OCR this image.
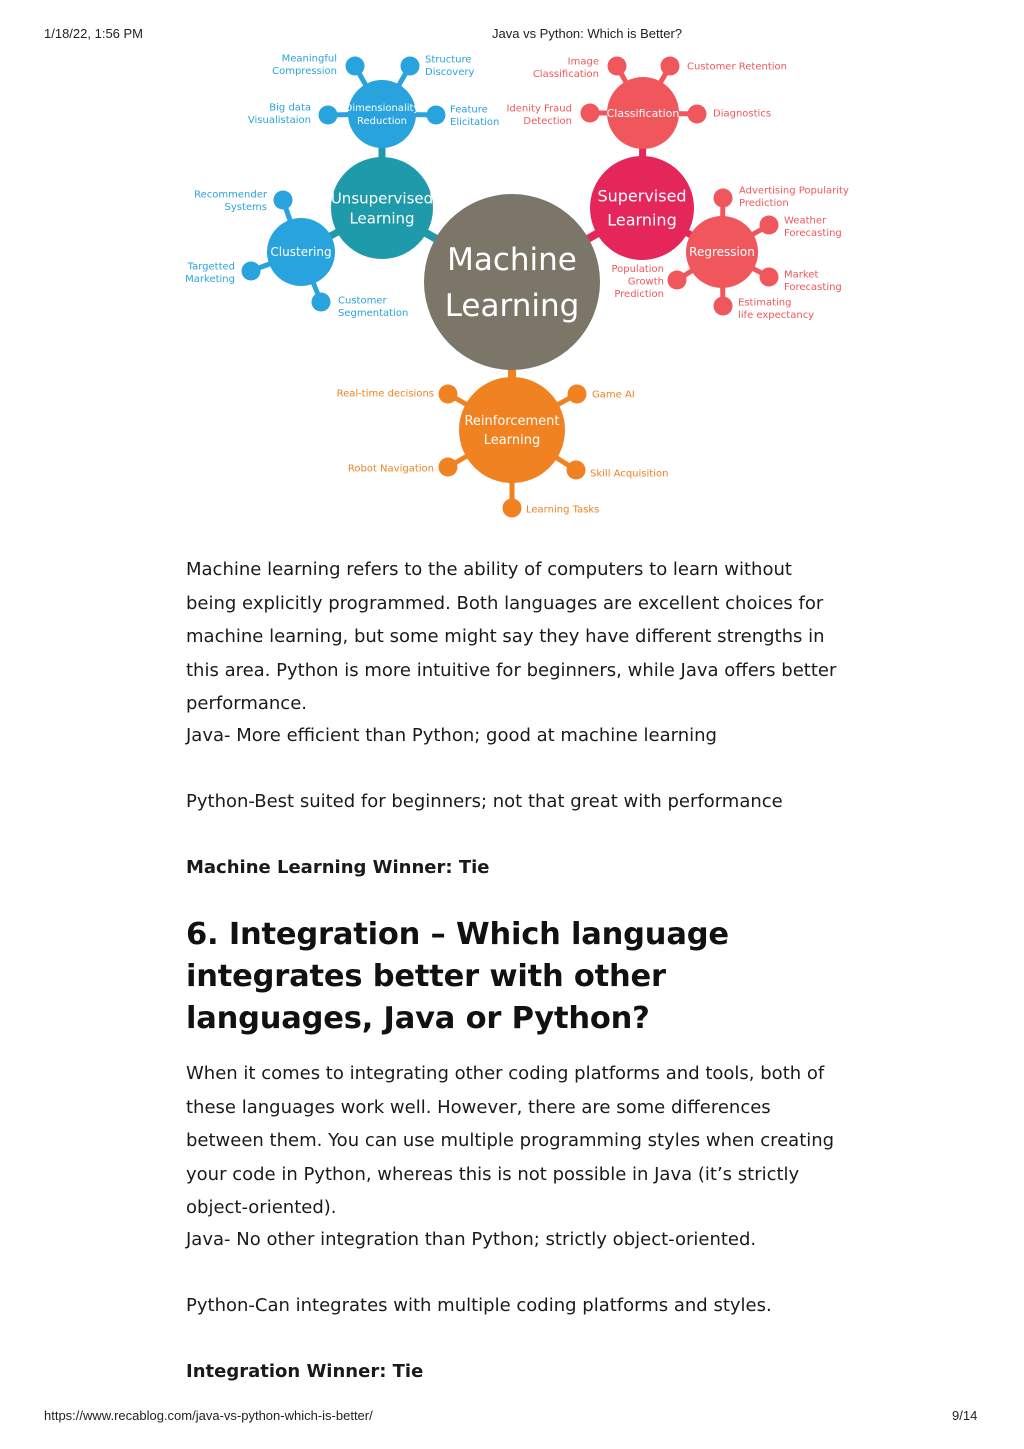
1/18/22, 1:56 PM	Java vs Python: Which is Better?
Meaningful Compression
Structure Discovery
Big data Visualistaion
Feature Elicitation
Recommender Systems
Targetted Marketing
Customer Segmentation
Image Classification
Customer Retention
Idenity Fraud Detection
Diagnostics
Advertising Popularity Prediction
Weather Forecasting
Population Growth Prediction
Market Forecasting
Estimating life expectancy
Real-time decisions	Game AI
Robot Navigation	Skill Acquisition
Learning Tasks
Dimensionality Reduction
Clustering
Unsupervised Learning
Classification
Regression
Supervised Learning
Reinforcement Learning
Machine Learning

Machine learning refers to the ability of computers to learn without being explicitly programmed. Both languages are excellent choices for machine learning, but some might say they have different strengths in this area. Python is more intuitive for beginners, while Java offers better performance.

Java- More efficient than Python; good at machine learning

Python-Best suited for beginners; not that great with performance

Machine Learning Winner: Tie

6. Integration – Which language integrates better with other languages, Java or Python?

When it comes to integrating other coding platforms and tools, both of these languages work well. However, there are some differences between them. You can use multiple programming styles when creating your code in Python, whereas this is not possible in Java (it’s strictly object-oriented).

Java- No other integration than Python; strictly object-oriented.

Python-Can integrates with multiple coding platforms and styles.

Integration Winner: Tie

https://www.recablog.com/java-vs-python-which-is-better/	9/14
